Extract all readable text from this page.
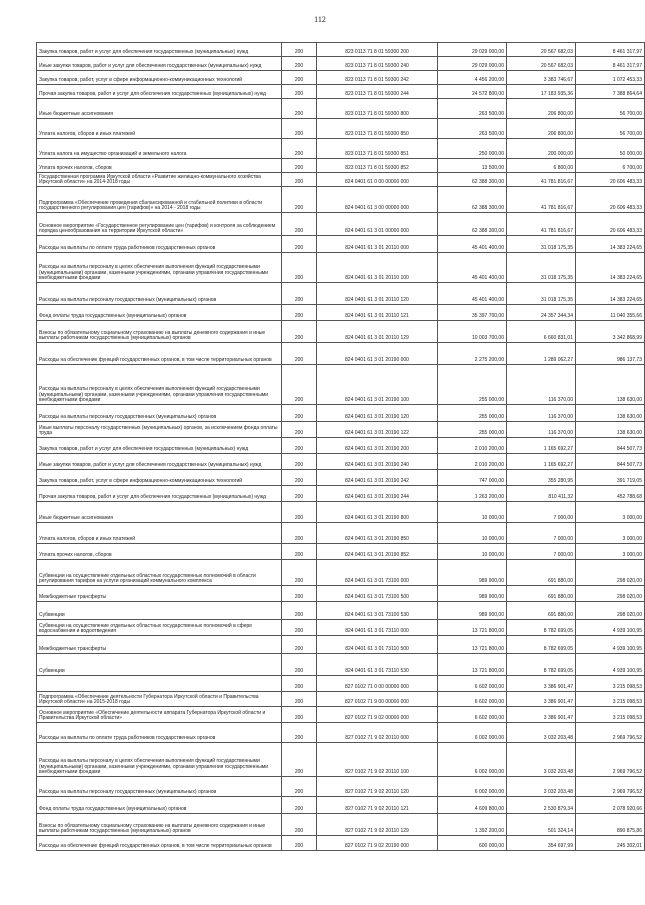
112
Закупка товаров, работ и услуг для обеспечения государственных (муниципальных) нужд	200	823 0113 71 8 01 59300 200	29 029 000,00	20 567 682,03	8 461 317,97
Иные закупки товаров, работ и услуг для обеспечения государственных (муниципальных) нужд	200	823 0113 71 8 01 59300 240	29 029 000,00	20 567 682,03	8 461 317,97
Закупка товаров, работ, услуг в сфере информационно-коммуникационных технологий	200	823 0113 71 8 01 59300 242	4 456 200,00	3 383 746,67	1 072 453,33
Прочая закупка товаров, работ и услуг для обеспечения государственных (муниципальных) нужд	200	823 0113 71 8 01 59300 244	24 572 800,00	17 183 935,36	7 388 864,64
Иные бюджетные ассигнования	200	823 0113 71 8 01 59300 800	263 500,00	206 800,00	56 700,00
Уплата налогов, сборов и иных платежей	200	823 0113 71 8 01 59300 850	263 500,00	206 800,00	56 700,00
Уплата налога на имущество организаций и земельного налога	200	823 0113 71 8 01 59300 851	250 000,00	200 000,00	50 000,00
Уплата прочих налогов, сборов	200	823 0113 71 8 01 59300 852	13 500,00	6 800,00	6 700,00
Государственная программа Иркутской области «Развитие жилищно-коммунального хозяйства Иркутской области» на 2014-2018 годы	200	824 0401 61 0 00 00000 000	62 388 300,00	41 781 816,67	20 606 483,33
Подпрограмма «Обеспечение проведения сбалансированной и стабильной политики в области государственного регулирования цен (тарифов)» на 2014 - 2018 годы	200	824 0401 61 3 00 00000 000	62 388 300,00	41 781 816,67	20 606 483,33
Основное мероприятие «Государственное регулирование цен (тарифов) и контроля за соблюдением порядка ценообразования на территории Иркутской области»	200	824 0401 61 3 01 00000 000	62 388 300,00	41 781 816,67	20 606 483,33
Расходы на выплаты по оплате труда работников государственных органов	200	824 0401 61 3 01 20110 000	45 401 400,00	31 018 175,35	14 383 224,65
Расходы на выплаты персоналу в целях обеспечения выполнения функций государственными (муниципальными) органами, казенными учреждениями, органами управления государственными внебюджетными фондами	200	824 0401 61 3 01 20110 100	45 401 400,00	31 018 175,35	14 383 224,65
Расходы на выплаты персоналу государственных (муниципальных) органов	200	824 0401 61 3 01 20110 120	45 401 400,00	31 018 175,35	14 383 224,65
Фонд оплаты труда государственных (муниципальных) органов	200	824 0401 61 3 01 20110 121	35 397 700,00	24 357 344,34	11 040 355,66
Взносы по обязательному социальному страхованию на выплаты денежного содержания и иные выплаты работникам государственных (муниципальных) органов	200	824 0401 61 3 01 20110 129	10 003 700,00	6 660 831,01	3 342 868,99
Расходы на обеспечение функций государственных органов, в том числе территориальных органов	200	824 0401 61 3 01 20190 000	2 275 200,00	1 289 062,27	986 137,73
Расходы на выплаты персоналу в целях обеспечения выполнения функций государственными (муниципальными) органами, казенными учреждениями, органами управления государственными внебюджетными фондами	200	824 0401 61 3 01 20190 100	255 000,00	116 370,00	138 630,00
Расходы на выплаты персоналу государственных (муниципальных) органов	200	824 0401 61 3 01 20190 120	255 000,00	116 370,00	138 630,00
Иные выплаты персоналу государственных (муниципальных) органов, за исключением фонда оплаты труда	200	824 0401 61 3 01 20190 122	255 000,00	116 370,00	138 630,00
Закупка товаров, работ и услуг для обеспечения государственных (муниципальных) нужд	200	824 0401 61 3 01 20190 200	2 010 200,00	1 165 692,27	844 507,73
Иные закупки товаров, работ и услуг для обеспечения государственных (муниципальных) нужд	200	824 0401 61 3 01 20190 240	2 010 200,00	1 165 692,27	844 507,73
Закупка товаров, работ, услуг в сфере информационно-коммуникационных технологий	200	824 0401 61 3 01 20190 242	747 000,00	355 280,95	391 719,05
Прочая закупка товаров, работ и услуг для обеспечения государственных (муниципальных) нужд	200	824 0401 61 3 01 20190 244	1 263 200,00	810 411,32	452 788,68
Иные бюджетные ассигнования	200	824 0401 61 3 01 20190 800	10 000,00	7 000,00	3 000,00
Уплата налогов, сборов и иных платежей	200	824 0401 61 3 01 20190 850	10 000,00	7 000,00	3 000,00
Уплата прочих налогов, сборов	200	824 0401 61 3 01 20190 852	10 000,00	7 000,00	3 000,00
Субвенции на осуществление отдельных областных государственных полномочий в области регулирования тарифов на услуги организаций коммунального комплекса	200	824 0401 61 3 01 73100 000	989 900,00	691 880,00	298 020,00
Межбюджетные трансферты	200	824 0401 61 3 01 73100 500	989 900,00	691 880,00	298 020,00
Субвенции	200	824 0401 61 3 01 73100 530	989 900,00	691 880,00	298 020,00
Субвенции на осуществление отдельных областных государственных полномочий в сфере водоснабжения и водоотведения	200	824 0401 61 3 01 73110 000	13 721 800,00	8 782 699,05	4 939 100,95
Межбюджетные трансферты	200	824 0401 61 3 01 73110 500	13 721 800,00	8 782 699,05	4 939 100,95
Субвенции	200	824 0401 61 3 01 73110 530	13 721 800,00	8 782 699,05	4 939 100,95
	200	827 0102 71 0 00 00000 000	6 602 000,00	3 386 901,47	3 215 098,53
Подпрограмма «Обеспечение деятельности Губернатора Иркутской области и Правительства Иркутской области» на 2015-2018 годы	200	827 0102 71 9 00 00000 000	6 602 000,00	3 386 901,47	3 215 098,53
Основное мероприятие «Обеспечение деятельности аппарата Губернатора Иркутской области и Правительства Иркутской области»	200	827 0102 71 9 02 00000 000	6 602 000,00	3 386 901,47	3 215 098,53
Расходы на выплаты по оплате труда работников государственных органов	200	827 0102 71 9 02 20110 000	6 002 000,00	3 032 203,48	2 969 796,52
Расходы на выплаты персоналу в целях обеспечения выполнения функций государственными (муниципальными) органами, казенными учреждениями, органами управления государственными внебюджетными фондами	200	827 0102 71 9 02 20110 100	6 002 000,00	3 032 203,48	2 969 796,52
Расходы на выплаты персоналу государственных (муниципальных) органов	200	827 0102 71 9 02 20110 120	6 002 000,00	3 032 203,48	2 969 796,52
Фонд оплаты труда государственных (муниципальных) органов	200	827 0102 71 9 02 20110 121	4 609 800,00	2 530 879,34	2 078 920,66
Взносы по обязательному социальному страхованию на выплаты денежного содержания и иные выплаты работникам государственных (муниципальных) органов	200	827 0102 71 9 02 20110 129	1 392 200,00	501 324,14	890 875,86
Расходы на обеспечение функций государственных органов, в том числе территориальных органов	200	827 0102 71 9 02 20190 000	600 000,00	354 697,99	245 302,01
